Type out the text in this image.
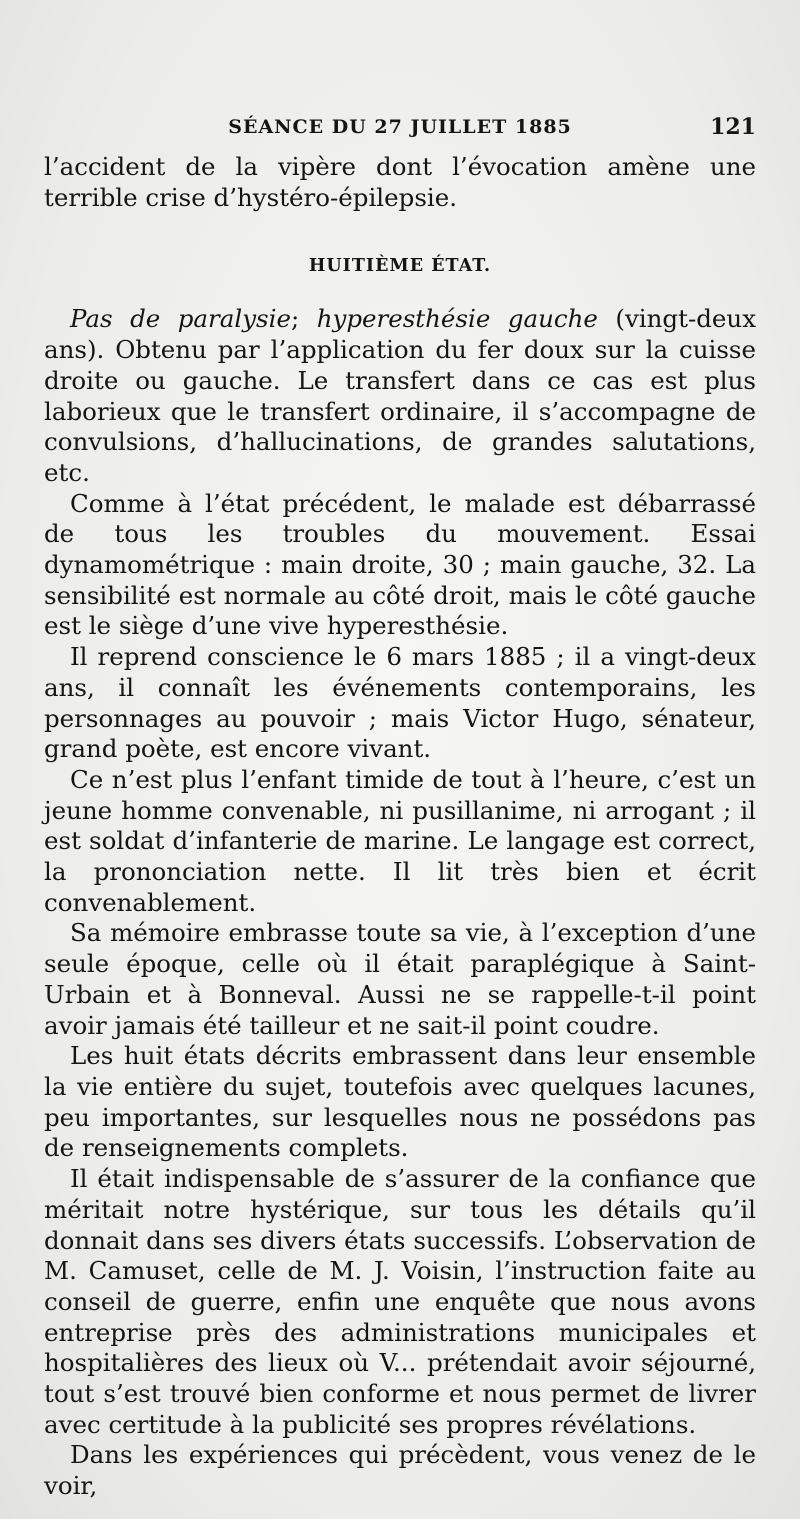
SÉANCE DU 27 JUILLET 1885	121

l’accident de la vipère dont l’évocation amène une terrible crise d’hystéro-épilepsie.

HUITIÈME ÉTAT.

Pas de paralysie; hyperesthésie gauche (vingt-deux ans). Obtenu par l’application du fer doux sur la cuisse droite ou gauche. Le transfert dans ce cas est plus laborieux que le transfert ordinaire, il s’accompagne de convulsions, d’hallucinations, de grandes salutations, etc.

Comme à l’état précédent, le malade est débarrassé de tous les troubles du mouvement. Essai dynamométrique : main droite, 30 ; main gauche, 32. La sensibilité est normale au côté droit, mais le côté gauche est le siège d’une vive hyperesthésie.

Il reprend conscience le 6 mars 1885 ; il a vingt-deux ans, il connaît les événements contemporains, les personnages au pouvoir ; mais Victor Hugo, sénateur, grand poète, est encore vivant.

Ce n’est plus l’enfant timide de tout à l’heure, c’est un jeune homme convenable, ni pusillanime, ni arrogant ; il est soldat d’infanterie de marine. Le langage est correct, la prononciation nette. Il lit très bien et écrit convenablement.

Sa mémoire embrasse toute sa vie, à l’exception d’une seule époque, celle où il était paraplégique à Saint-Urbain et à Bonneval. Aussi ne se rappelle-t-il point avoir jamais été tailleur et ne sait-il point coudre.

Les huit états décrits embrassent dans leur ensemble la vie entière du sujet, toutefois avec quelques lacunes, peu importantes, sur lesquelles nous ne possédons pas de renseignements complets.

Il était indispensable de s’assurer de la confiance que méritait notre hystérique, sur tous les détails qu’il donnait dans ses divers états successifs. L’observation de M. Camuset, celle de M. J. Voisin, l’instruction faite au conseil de guerre, enfin une enquête que nous avons entreprise près des administrations municipales et hospitalières des lieux où V... prétendait avoir séjourné, tout s’est trouvé bien conforme et nous permet de livrer avec certitude à la publicité ses propres révélations.

Dans les expériences qui précèdent, vous venez de le voir,
